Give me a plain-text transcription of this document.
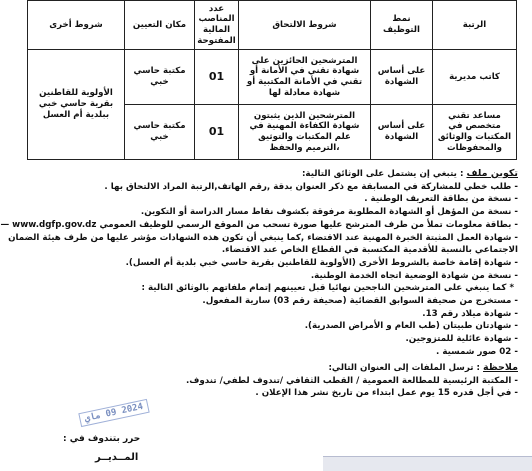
الرتبة	نمط التوظيف	شروط الالتحاق	عدد المناصب المالية المفتوحة	مكان التعيين	شروط أخرى
كاتب مديرية	على أساس الشهادة	المترشحين الحائزين على شهادة تقني في الأمانة أو تقني في الأمانة المكتبية أو شهادة معادلة لها	01	مكتبة حاسي خبي	الأولوية للقاطنين بقرية حاسي خبي ببلدية أم العسل
مساعد تقني متخصص في المكتبات والوثائق والمحفوظات	على أساس الشهادة	المترشحين الذين يثبتون شهادة الكفاءة المهنية في علم المكتبات والتوثيق ،الترميم والحفظ	01	مكتبة حاسي خبي	

تكوين ملف : يتبغي إن يشتمل على الوثائق التالية:

- طلب خطي للمشاركة في المسابقة مع ذكر العنوان بدقة ,رقم الهاتف,الرتبة المراد الالتحاق بها .

- نسخة من بطاقة التعريف الوطنية .

- نسخة من المؤهل أو الشهادة المطلوبة مرفوقة بكشوف نقاط مسار الدراسة أو التكوين.

- بطاقة معلومات تملأ من طرف المترشح عليها صورة تسحب من الموقع الرسمي للوظيف العمومي www.dgfp.gov.dz —

- شهادة العمل المثبتة الخبرة المهنية عند الاقتضاء ,كما ينبغي أن تكون هذه الشهادات مؤشر عليها من طرف هيئة الضمان

الاجتماعي بالنسبة للأقدمية المكتسبة في القطاع الخاص عند الاقتضاء.

- شهادة إقامة خاصة بالشروط الأخرى (الأولوية للقاطنين بقرية حاسي خبي بلدية أم العسل).

- نسخة من شهادة الوضعية اتجاه الخدمة الوطنية.

* كما ينبغي على المترشحين الناجحين نهائيا قبل تعيينهم إتمام ملفاتهم بالوثائق التالية :

- مستخرج من صحيفة السوابق القضائية (صحيفة رقم 03) سارية المفعول.

- شهادة ميلاد رقم 13.

- شهادتان طبيتان (طب العام و الأمراض الصدرية).

- شهادة عائلية للمتزوجين.

- 02 صور شمسية .

ملاحظة : ترسل الملفات إلى العنوان التالي:

- المكتبة الرئيسية للمطالعة العمومية / القطب الثقافي /تندوف لطفي/ تندوف.

- في أجل قدره 15 يوم عمل ابتداء من تاريخ نشر هذا الإعلان .

2024 09 ماي
حرر بتندوف في :
المــديــر
